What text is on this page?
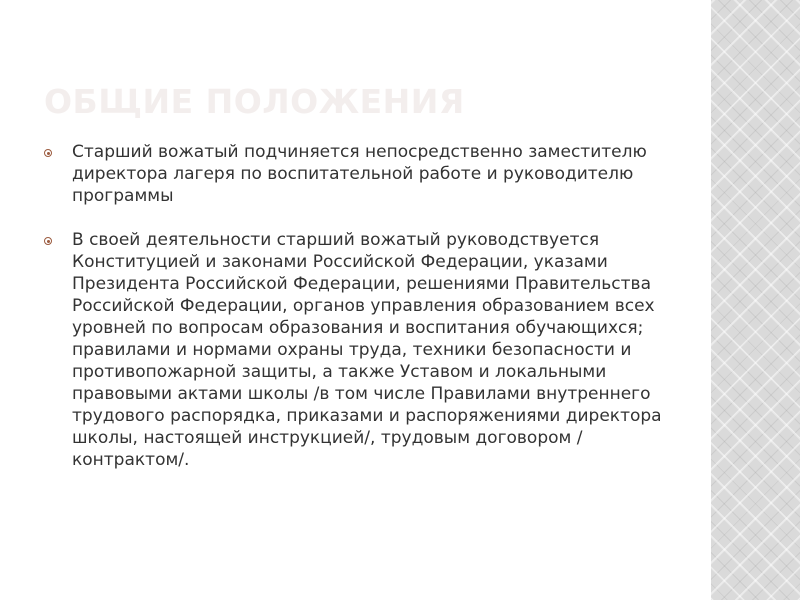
ОБЩИЕ ПОЛОЖЕНИЯ
Старший вожатый подчиняется непосредственно заместителю директора лагеря по воспитательной работе и руководителю программы
В своей деятельности старший вожатый руководствуется Конституцией и законами Российской Федерации, указами Президента Российской Федерации, решениями Правительства Российской Федерации, органов управления образованием всех уровней по вопросам образования и воспитания обучающихся; правилами и нормами охраны труда, техники безопасности и противопожарной защиты, а также Уставом и локальными правовыми актами школы /в том числе Правилами внутреннего трудового распорядка, приказами и распоряжениями директора школы, настоящей инструкцией/, трудовым договором /контрактом/.
